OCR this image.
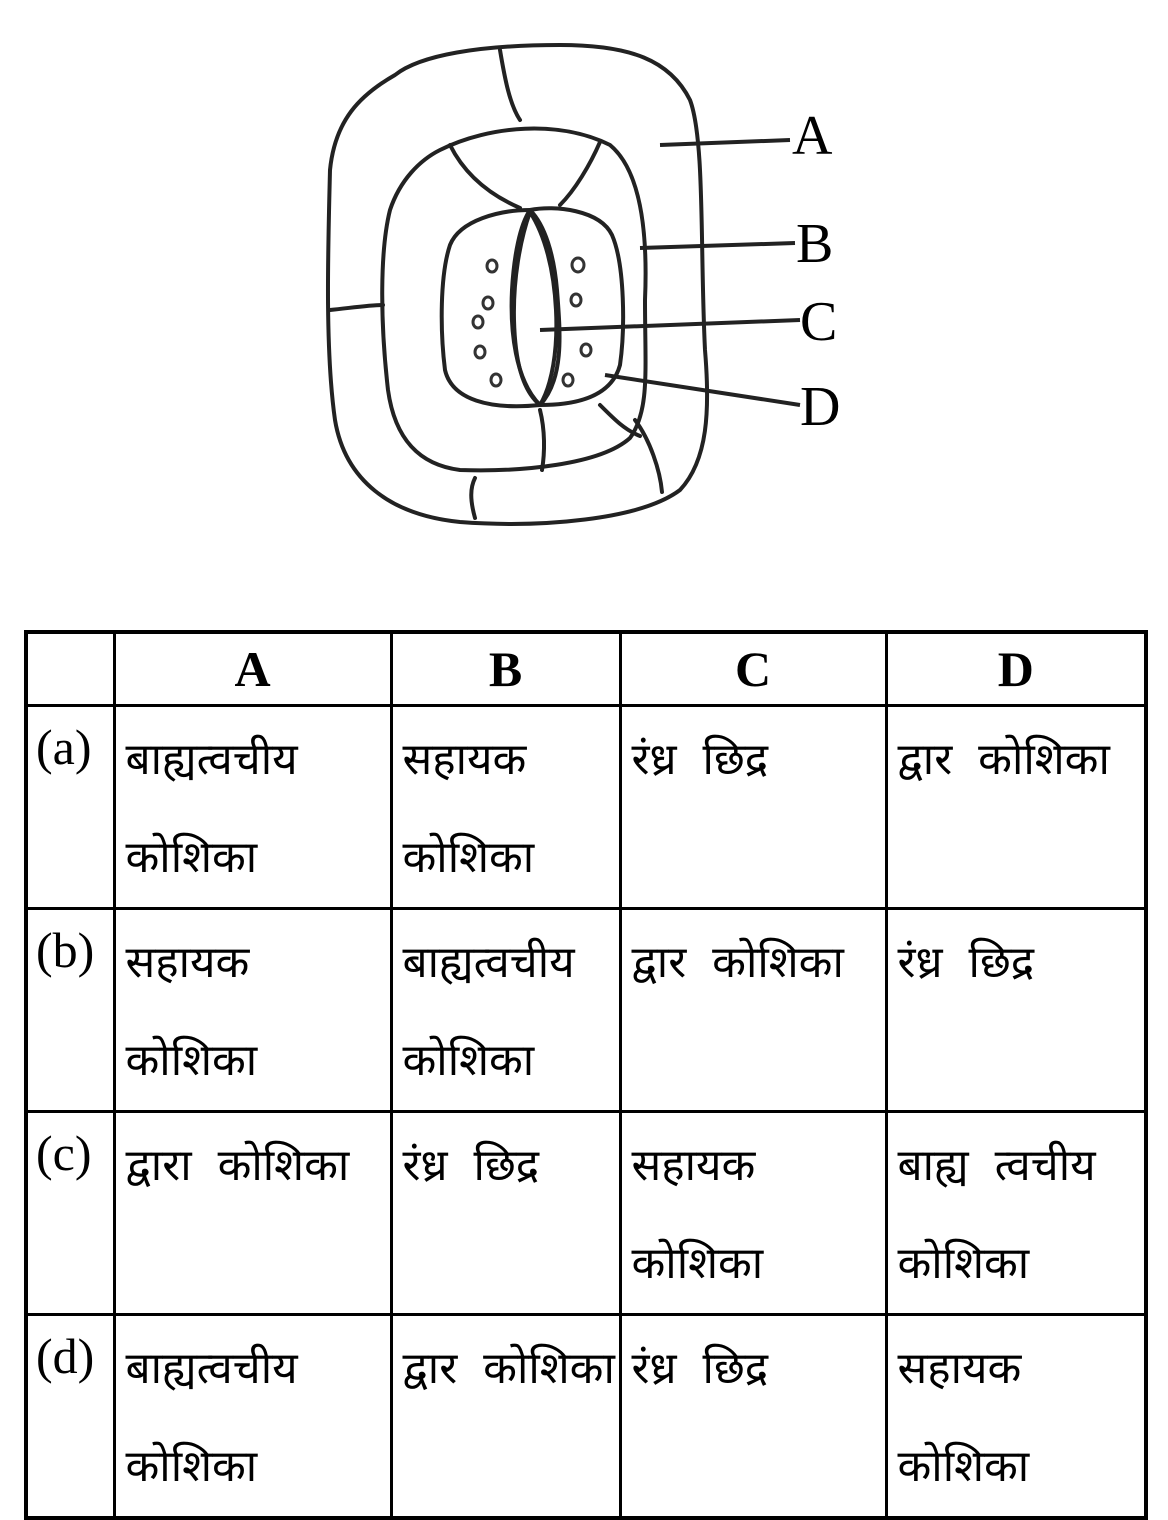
A
B
C
D
	A	B	C	D
(a)	बाह्यत्वचीय कोशिका	सहायक कोशिका	रंध्र छिद्र	द्वार कोशिका
(b)	सहायक कोशिका	बाह्यत्वचीय कोशिका	द्वार कोशिका	रंध्र छिद्र
(c)	द्वारा कोशिका	रंध्र छिद्र	सहायक कोशिका	बाह्य त्वचीय कोशिका
(d)	बाह्यत्वचीय कोशिका	द्वार कोशिका	रंध्र छिद्र	सहायक कोशिका
